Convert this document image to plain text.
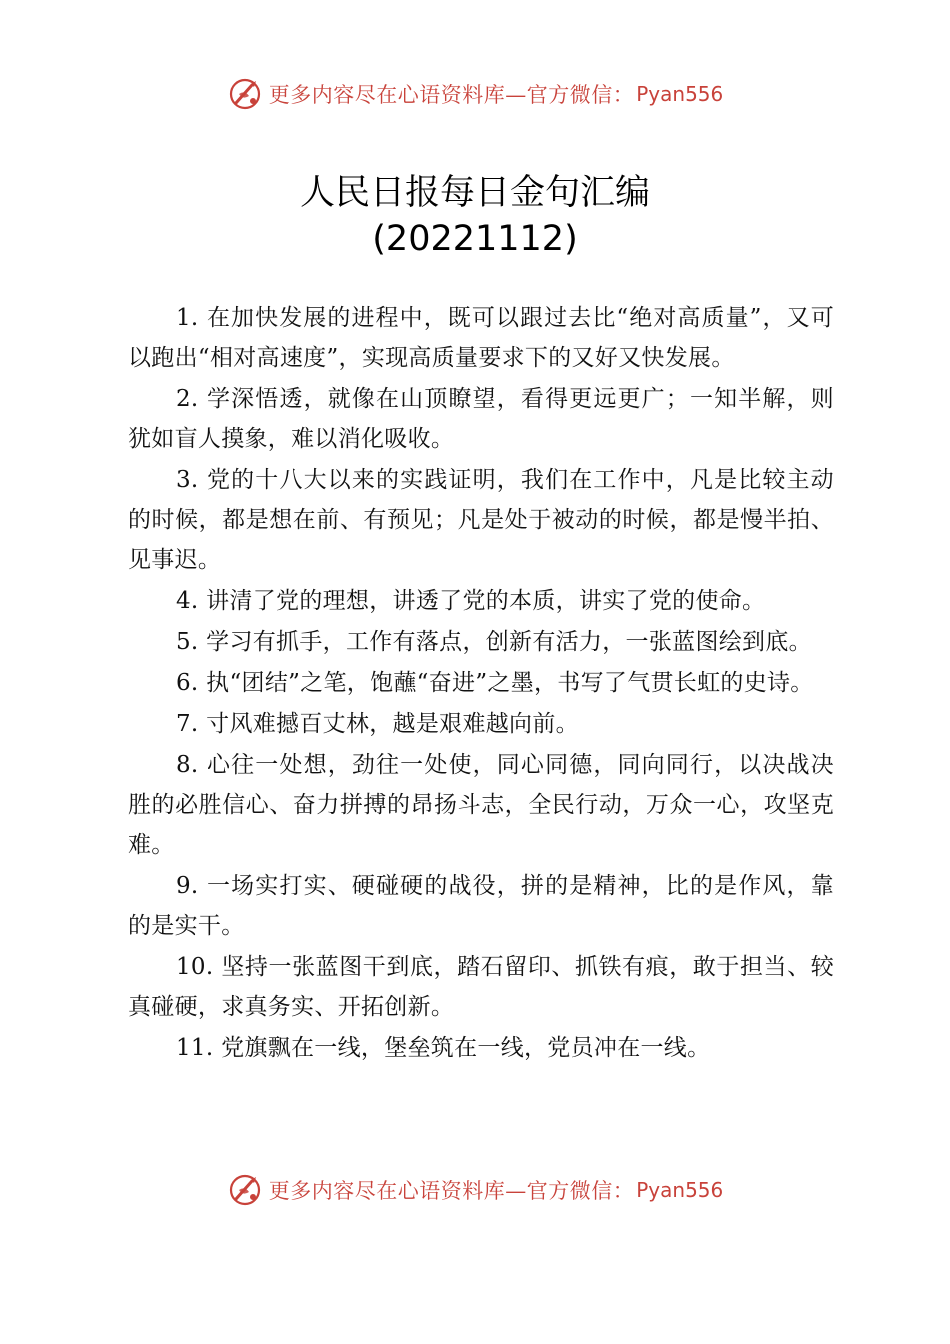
更多内容尽在心语资料库—官方微信： Pyan556
人民日报每日金句汇编
(20221112)

1. 在加快发展的进程中，既可以跟过去比“绝对高质量”，又可以跑出“相对高速度”，实现高质量要求下的又好又快发展。

2. 学深悟透，就像在山顶瞭望，看得更远更广；一知半解，则犹如盲人摸象，难以消化吸收。

3. 党的十八大以来的实践证明，我们在工作中，凡是比较主动的时候，都是想在前、有预见；凡是处于被动的时候，都是慢半拍、见事迟。

4. 讲清了党的理想，讲透了党的本质，讲实了党的使命。

5. 学习有抓手，工作有落点，创新有活力，一张蓝图绘到底。

6. 执“团结”之笔，饱蘸“奋进”之墨，书写了气贯长虹的史诗。

7. 寸风难撼百丈林，越是艰难越向前。

8. 心往一处想，劲往一处使，同心同德，同向同行，以决战决胜的必胜信心、奋力拼搏的昂扬斗志，全民行动，万众一心，攻坚克难。

9. 一场实打实、硬碰硬的战役，拼的是精神，比的是作风，靠的是实干。

10. 坚持一张蓝图干到底，踏石留印、抓铁有痕，敢于担当、较真碰硬，求真务实、开拓创新。

11. 党旗飘在一线，堡垒筑在一线，党员冲在一线。

更多内容尽在心语资料库—官方微信： Pyan556
